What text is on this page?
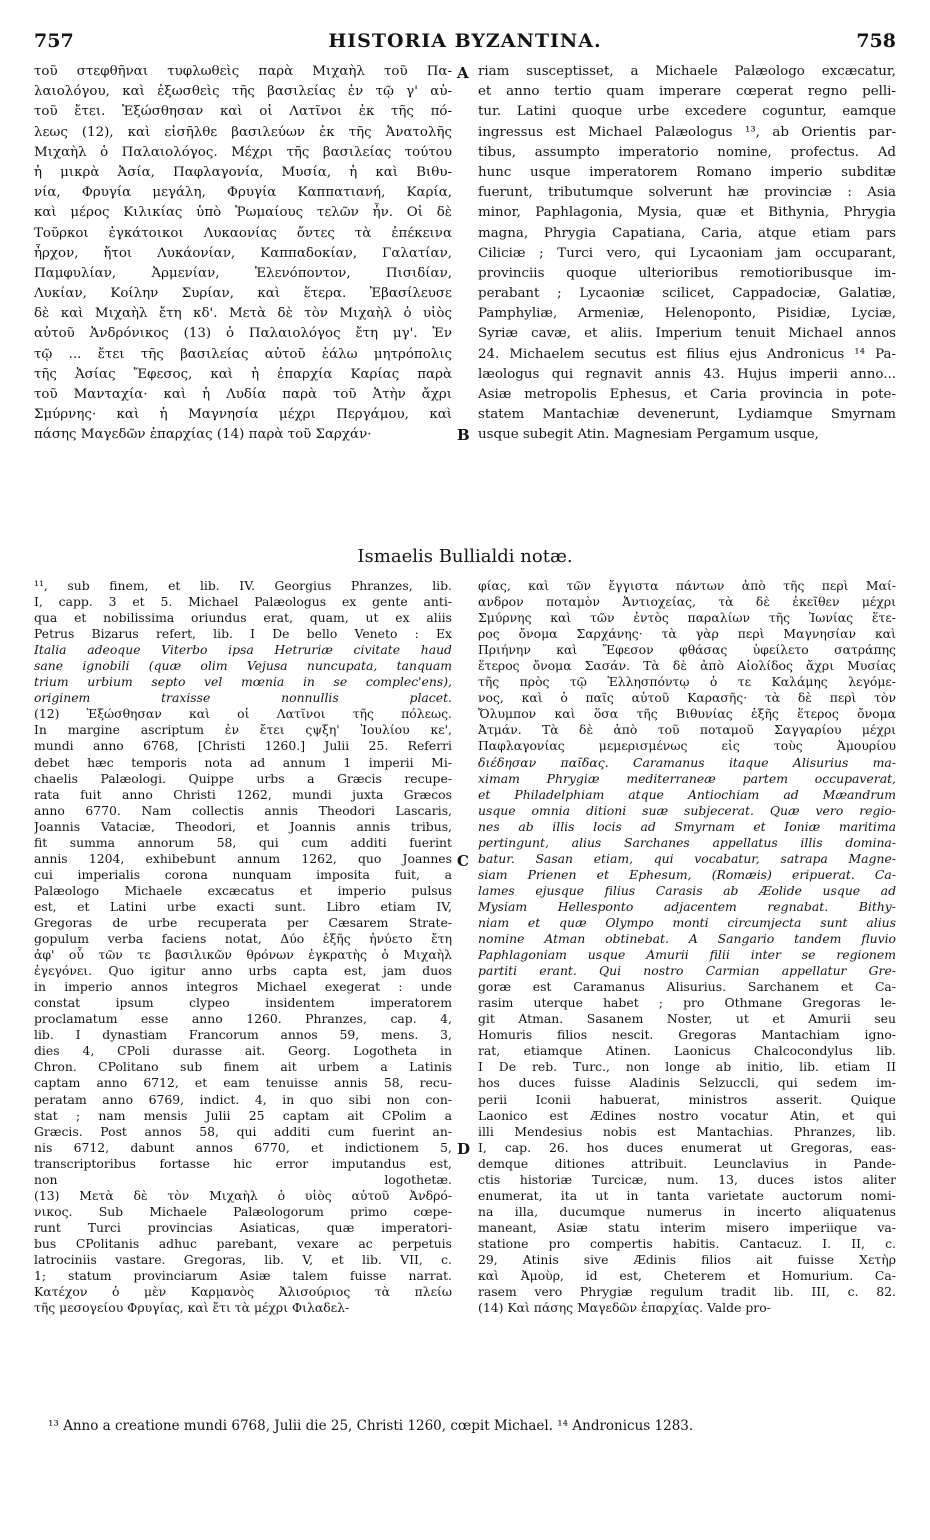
757	HISTORIA BYZANTINA.	758
τοῦ στεφθῆναι τυφλωθεὶς παρὰ Μιχαὴλ τοῦ Πα-
λαιολόγου, καὶ ἐξωσθεὶς τῆς βασιλείας ἐν τῷ γ' αὐ-
τοῦ ἔτει. Ἐξώσθησαν καὶ οἱ Λατῖνοι ἐκ τῆς πό-
λεως (12), καὶ εἰσῆλθε βασιλεύων ἐκ τῆς Ἀνατολῆς
Μιχαὴλ ὁ Παλαιολόγος. Μέχρι τῆς βασιλείας τούτου
ἡ μικρὰ Ἀσία, Παφλαγονία, Μυσία, ἡ καὶ Βιθυ-
νία, Φρυγία μεγάλη, Φρυγία Καππατιανή, Καρία,
καὶ μέρος Κιλικίας ὑπὸ Ῥωμαίους τελῶν ἦν. Οἱ δὲ
Τοῦρκοι ἐγκάτοικοι Λυκαονίας ὄντες τὰ ἐπέκεινα
ἦρχον, ἤτοι Λυκάονίαν, Καππαδοκίαν, Γαλατίαν,
Παμφυλίαν, Ἀρμενίαν, Ἑλενόποντον, Πισιδίαν,
Λυκίαν, Κοίλην Συρίαν, καὶ ἕτερα. Ἐβασίλευσε
δὲ καὶ Μιχαὴλ ἔτη κδ'. Μετὰ δὲ τὸν Μιχαὴλ ὁ υἱὸς
αὐτοῦ Ἀνδρόνικος (13) ὁ Παλαιολόγος ἔτη μγ'. Ἐν
τῷ ... ἔτει τῆς βασιλείας αὐτοῦ ἑάλω μητρόπολις
τῆς Ἀσίας Ἔφεσος, καὶ ἡ ἐπαρχία Καρίας παρὰ
τοῦ Μανταχία· καὶ ἡ Λυδία παρὰ τοῦ Ἀτὴν ἄχρι
Σμύρνης· καὶ ἡ Μαγνησία μέχρι Περγάμου, καὶ
πάσης Μαγεδῶν ἐπαρχίας (14) παρὰ τοῦ Σαρχάν·
riam susceptisset, a Michaele Palæologo excæcatur,
et anno tertio quam imperare cœperat regno pelli-
tur. Latini quoque urbe excedere coguntur, eamque
ingressus est Michael Palæologus ¹³, ab Orientis par-
tibus, assumpto imperatorio nomine, profectus. Ad
hunc usque imperatorem Romano imperio subditæ
fuerunt, tributumque solverunt hæ provinciæ : Asia
minor, Paphlagonia, Mysia, quæ et Bithynia, Phrygia
magna, Phrygia Capatiana, Caria, atque etiam pars
Ciliciæ ; Turci vero, qui Lycaoniam jam occuparant,
provinciis quoque ulterioribus remotioribusque im-
perabant ; Lycaoniæ scilicet, Cappadociæ, Galatiæ,
Pamphyliæ, Armeniæ, Helenoponto, Pisidiæ, Lyciæ,
Syriæ cavæ, et aliis. Imperium tenuit Michael annos
24. Michaelem secutus est filius ejus Andronicus ¹⁴ Pa-
læologus qui regnavit annis 43. Hujus imperii anno...
Asiæ metropolis Ephesus, et Caria provincia in pote-
statem Mantachiæ devenerunt, Lydiamque Smyrnam
usque subegit Atin. Magnesiam Pergamum usque,
A
B
C
D
Ismaelis Bullialdi notæ.
¹¹, sub finem, et lib. IV. Georgius Phranzes, lib.
I, capp. 3 et 5. Michael Palæologus ex gente anti-
qua et nobilissima oriundus erat, quam, ut ex aliis
Petrus Bizarus refert, lib. I De bello Veneto : Ex
Italia adeoque Viterbo ipsa Hetruriæ civitate haud
sane ignobili (quæ olim Vejusa nuncupata, tanquam
trium urbium septo vel mœnia in se complec'ens),
originem traxisse nonnullis placet.
(12) Ἐξώσθησαν καὶ οἱ Λατῖνοι τῆς πόλεως.
In margine ascriptum ἐν ἔτει ςψξη' Ἰουλίου κε',
mundi anno 6768, [Christi 1260.] Julii 25. Referri
debet hæc temporis nota ad annum 1 imperii Mi-
chaelis Palæologi. Quippe urbs a Græcis recupe-
rata fuit anno Christi 1262, mundi juxta Græcos
anno 6770. Nam collectis annis Theodori Lascaris,
Joannis Vataciæ, Theodori, et Joannis annis tribus,
fit summa annorum 58, qui cum additi fuerint
annis 1204, exhibebunt annum 1262, quo Joannes
cui imperialis corona nunquam imposita fuit, a
Palæologo Michaele excæcatus et imperio pulsus
est, et Latini urbe exacti sunt. Libro etiam IV,
Gregoras de urbe recuperata per Cæsarem Strate-
gopulum verba faciens notat, Δύο ἑξῆς ἠνύετο ἔτη
ἀφ' οὗ τῶν τε βασιλικῶν θρόνων ἐγκρατὴς ὁ Μιχαὴλ
ἐγεγόνει. Quo igitur anno urbs capta est, jam duos
in imperio annos integros Michael exegerat : unde
constat ipsum clypeo insidentem imperatorem
proclamatum esse anno 1260. Phranzes, cap. 4,
lib. I dynastiam Francorum annos 59, mens. 3,
dies 4, CPoli durasse ait. Georg. Logotheta in
Chron. CPolitano sub finem ait urbem a Latinis
captam anno 6712, et eam tenuisse annis 58, recu-
peratam anno 6769, indict. 4, in quo sibi non con-
stat ; nam mensis Julii 25 captam ait CPolim a
Græcis. Post annos 58, qui additi cum fuerint an-
nis 6712, dabunt annos 6770, et indictionem 5,
transcriptoribus fortasse hic error imputandus est,
non logothetæ.
(13) Μετὰ δὲ τὸν Μιχαὴλ ὁ υἱὸς αὐτοῦ Ἀνδρό-
νικος. Sub Michaele Palæologorum primo cœpe-
runt Turci provincias Asiaticas, quæ imperatori-
bus CPolitanis adhuc parebant, vexare ac perpetuis
latrociniis vastare. Gregoras, lib. V, et lib. VII, c.
1; statum provinciarum Asiæ talem fuisse narrat.
Κατέχον ὁ μὲν Καρμανὸς Ἀλισούριος τὰ πλείω
τῆς μεσογείου Φρυγίας, καὶ ἔτι τὰ μέχρι Φιλαδελ-
φίας, καὶ τῶν ἔγγιστα πάντων ἀπὸ τῆς περὶ Μαί-
ανδρον ποταμὸν Ἀντιοχείας, τὰ δὲ ἐκεῖθεν μέχρι
Σμύρνης καὶ τῶν ἐντὸς παραλίων τῆς Ἰωνίας ἕτε-
ρος ὄνομα Σαρχάνης· τὰ γὰρ περὶ Μαγνησίαν καὶ
Πριήνην καὶ Ἔφεσον φθάσας ὑφείλετο σατράπης
ἕτερος ὄνομα Σασάν. Τὰ δὲ ἀπὸ Αἰολίδος ἄχρι Μυσίας
τῆς πρὸς τῷ Ἑλλησπόντῳ ὁ τε Καλάμης λεγόμε-
νος, καὶ ὁ παῖς αὐτοῦ Καρασῆς· τὰ δὲ περὶ τὸν
Ὄλυμπον καὶ ὅσα τῆς Βιθυνίας ἑξῆς ἕτερος ὄνομα
Ἀτμάν. Τὰ δὲ ἀπὸ τοῦ ποταμοῦ Σαγγαρίου μέχρι
Παφλαγονίας μεμερισμένως εἰς τοὺς Ἀμουρίου
διέδησαν παῖδας. Caramanus itaque Alisurius ma-
ximam Phrygiæ mediterraneæ partem occupaverat,
et Philadelphiam atque Antiochiam ad Mæandrum
usque omnia ditioni suæ subjecerat. Quæ vero regio-
nes ab illis locis ad Smyrnam et Ioniæ maritima
pertingunt, alius Sarchanes appellatus illis domina-
batur. Sasan etiam, qui vocabatur, satrapa Magne-
siam Prienen et Ephesum, (Romæis) eripuerat. Ca-
lames ejusque filius Carasis ab Æolide usque ad
Mysiam Hellesponto adjacentem regnabat. Bithy-
niam et quæ Olympo monti circumjecta sunt alius
nomine Atman obtinebat. A Sangario tandem fluvio
Paphlagoniam usque Amurii filii inter se regionem
partiti erant. Qui nostro Carmian appellatur Gre-
goræ est Caramanus Alisurius. Sarchanem et Ca-
rasim uterque habet ; pro Othmane Gregoras le-
git Atman. Sasanem Noster, ut et Amurii seu
Homuris filios nescit. Gregoras Mantachiam igno-
rat, etiamque Atinen. Laonicus Chalcocondylus lib.
I De reb. Turc., non longe ab initio, lib. etiam II
hos duces fuisse Aladinis Selzuccli, qui sedem im-
perii Iconii habuerat, ministros asserit. Quique
Laonico est Ædines nostro vocatur Atin, et qui
illi Mendesius nobis est Mantachias. Phranzes, lib.
I, cap. 26. hos duces enumerat ut Gregoras, eas-
demque ditiones attribuit. Leunclavius in Pande-
ctis historiæ Turcicæ, num. 13, duces istos aliter
enumerat, ita ut in tanta varietate auctorum nomi-
na illa, ducumque numerus in incerto aliquatenus
maneant, Asiæ statu interim misero imperiique va-
statione pro compertis habitis. Cantacuz. I. II, c.
29, Atinis sive Ædinis filios ait fuisse Χετὴρ
καὶ Ἀμοὺρ, id est, Cheterem et Homurium. Ca-
rasem vero Phrygiæ regulum tradit lib. III, c. 82.
(14) Καὶ πάσης Μαγεδῶν ἐπαρχίας. Valde pro-
¹³ Anno a creatione mundi 6768, Julii die 25, Christi 1260, cœpit Michael. ¹⁴ Andronicus 1283.
